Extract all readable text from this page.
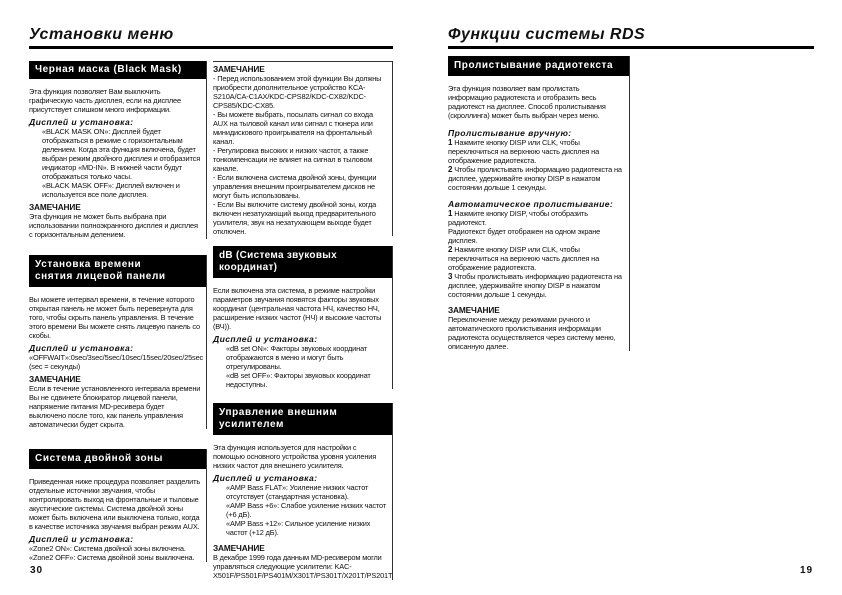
Установки меню
Черная маска (Black Mask)

Эта функция позволяет Вам выключить графическую часть дисплея, если на дисплее присутствует слишком много информации.

Дисплей и установка:

«BLACK MASK ON»: Дисплей будет отображаться в режиме с горизонтальным делением. Когда эта функция включена, будет выбран режим двойного дисплея и отобразится индикатор «MD-IN». В нижней части будут отображаться только часы.

«BLACK MASK OFF»: Дисплей включен и используется все поле дисплея.

ЗАМЕЧАНИЕ

Эта функция не может быть выбрана при использовании полноэкранного дисплея и дисплея с горизонтальным делением.

Установка времени
снятия лицевой панели

Вы можете интервал времени, в течение которого открытая панель не может быть перевернута для того, чтобы скрыть панель управления. В течение этого времени Вы можете снять лицевую панель со скобы.

Дисплей и установка:

«OFFWAIT»:0sec/3sec/5sec/10sec/15sec/20sec/25sec (sec = секунды)

ЗАМЕЧАНИЕ

Если в течение установленного интервала времени Вы не сдвинете блокиратор лицевой панели, напряжение питания MD-ресивера будет выключено после того, как панель управления автоматически будет скрыта.

Система двойной зоны

Приведенная ниже процедура позволяет разделить отдельные источники звучания, чтобы контролировать выход на фронтальные и тыловые акустические системы. Система двойной зоны может быть включена или выключена только, когда в качестве источника звучания выбран режим AUX.

Дисплей и установка:

«Zone2 ON»: Система двойной зоны включена.

«Zone2 OFF»: Система двойной зоны выключена.

ЗАМЕЧАНИЕ

- Перед использованием этой функции Вы должны приобрести дополнительное устройство KCA-S210A/CA-C1AX/KDC-CPS82/KDC-CX82/KDC-CPS85/KDC-CX85.

- Вы можете выбрать, посылать сигнал со входа AUX на тыловой канал или сигнал с тюнера или минидискового проигрывателя на фронтальный канал.

- Регулировка высоких и низких частот, а также тонкомпенсации не влияет на сигнал в тыловом канале.

- Если включена система двойной зоны, функции управления внешним проигрывателем дисков не могут быть использованы.

- Если Вы включите систему двойной зоны, когда включен незатухающий выход предварительного усилителя, звук на незатухающем выходе будет отключен.

dB (Система звуковых координат)

Если включена эта система, в режиме настройки параметров звучания появятся факторы звуковых координат (центральная частота НЧ, качество НЧ, расширение низких частот (НЧ) и высокие частоты (ВЧ)).

Дисплей и установка:

«dB set ON»: Факторы звуковых координат отображаются в меню и могут быть отрегулированы.

«dB set OFF»: Факторы звуковых координат недоступны.

Управление внешним усилителем

Эта функция используется для настройки с помощью основного устройства уровня усиления низких частот для внешнего усилителя.

Дисплей и установка:

«AMP Bass FLAT»: Усиление низких частот отсутствует (стандартная установка).

«AMP Bass +6»: Слабое усиление низких частот (+6 дБ).

«AMP Bass +12»: Сильное усиление низких частот (+12 дБ).

ЗАМЕЧАНИЕ

В декабре 1999 года данным MD-ресивером могли управляться следующие усилители: KAC-X501F/PS501F/PS401M/X301T/PS301T/X201T/PS201T.

30
Функции системы RDS
Пролистывание радиотекста

Эта функция позволяет вам пролистать информацию радиотекста и отобразить весь радиотекст на дисплее. Способ пролистывания (скроллинга) может быть выбран через меню.

Пролистывание вручную:

1 Нажмите кнопку DISP или CLK, чтобы переключиться на верхнюю часть дисплея на отображение радиотекста.

2 Чтобы пролистывать информацию радиотекста на дисплее, удерживайте кнопку DISP в нажатом состоянии дольше 1 секунды.

Автоматическое пролистывание:

1 Нажмите кнопку DISP, чтобы отобразить радиотекст.

Радиотекст будет отображен на одном экране дисплея.

2 Нажмите кнопку DISP или CLK, чтобы переключиться на верхнюю часть дисплея на отображение радиотекста.

3 Чтобы пролистывать информацию радиотекста на дисплее, удерживайте кнопку DISP в нажатом состоянии дольше 1 секунды.

ЗАМЕЧАНИЕ

Переключение между режимами ручного и автоматического пролистывания информации радиотекста осуществляется через систему меню, описанную далее.

19
